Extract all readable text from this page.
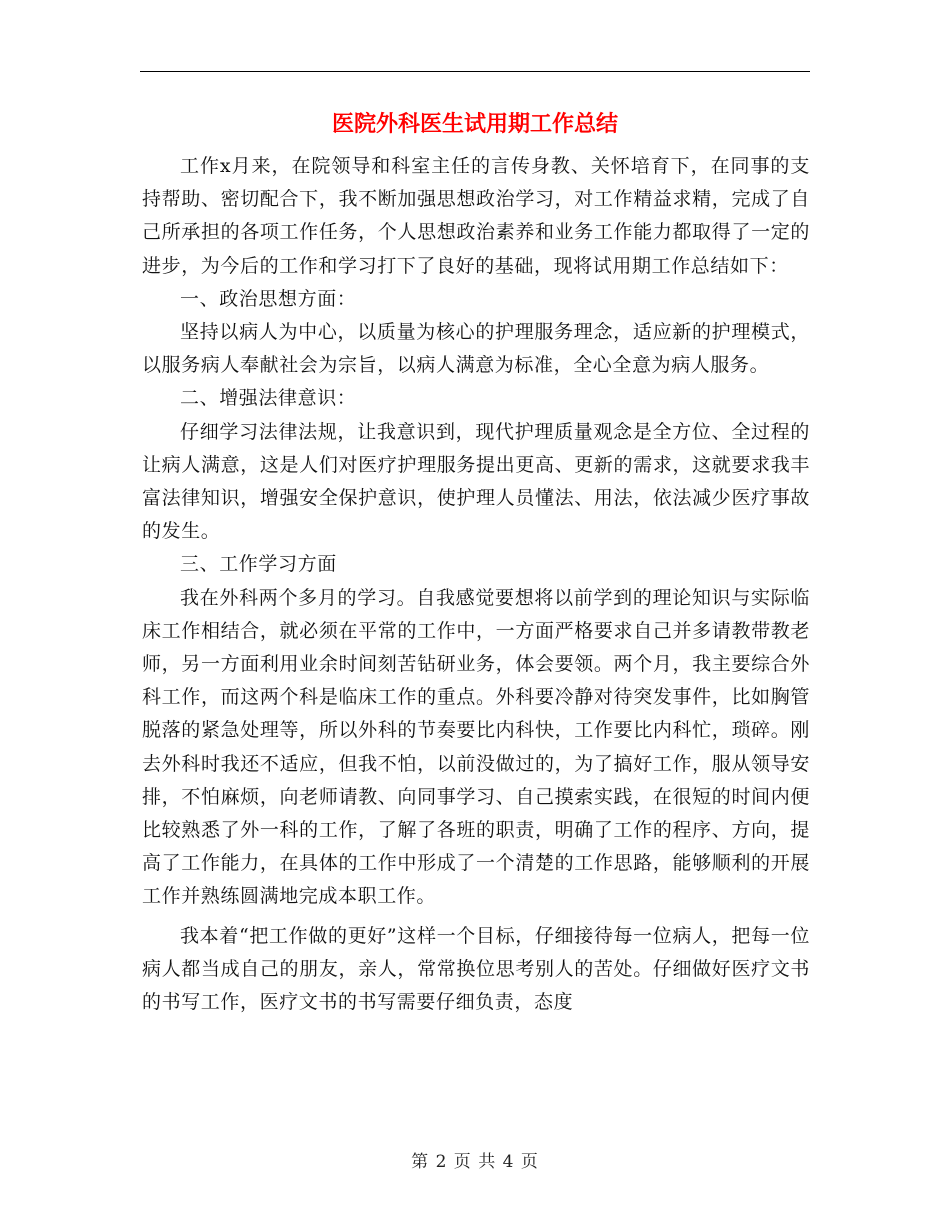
医院外科医生试用期工作总结

工作x月来，在院领导和科室主任的言传身教、关怀培育下，在同事的支持帮助、密切配合下，我不断加强思想政治学习，对工作精益求精，完成了自己所承担的各项工作任务，个人思想政治素养和业务工作能力都取得了一定的进步，为今后的工作和学习打下了良好的基础，现将试用期工作总结如下：

一、政治思想方面：

坚持以病人为中心，以质量为核心的护理服务理念，适应新的护理模式，以服务病人奉献社会为宗旨，以病人满意为标准，全心全意为病人服务。

二、增强法律意识：

仔细学习法律法规，让我意识到，现代护理质量观念是全方位、全过程的让病人满意，这是人们对医疗护理服务提出更高、更新的需求，这就要求我丰富法律知识，增强安全保护意识，使护理人员懂法、用法，依法减少医疗事故的发生。

三、工作学习方面

我在外科两个多月的学习。自我感觉要想将以前学到的理论知识与实际临床工作相结合，就必须在平常的工作中，一方面严格要求自己并多请教带教老师，另一方面利用业余时间刻苦钻研业务，体会要领。两个月，我主要综合外科工作，而这两个科是临床工作的重点。外科要冷静对待突发事件，比如胸管脱落的紧急处理等，所以外科的节奏要比内科快，工作要比内科忙，琐碎。刚去外科时我还不适应，但我不怕，以前没做过的，为了搞好工作，服从领导安排，不怕麻烦，向老师请教、向同事学习、自己摸索实践，在很短的时间内便比较熟悉了外一科的工作，了解了各班的职责，明确了工作的程序、方向，提高了工作能力，在具体的工作中形成了一个清楚的工作思路，能够顺利的开展工作并熟练圆满地完成本职工作。

我本着“把工作做的更好”这样一个目标，仔细接待每一位病人，把每一位病人都当成自己的朋友，亲人，常常换位思考别人的苦处。仔细做好医疗文书的书写工作，医疗文书的书写需要仔细负责，态度

第 2 页 共 4 页
